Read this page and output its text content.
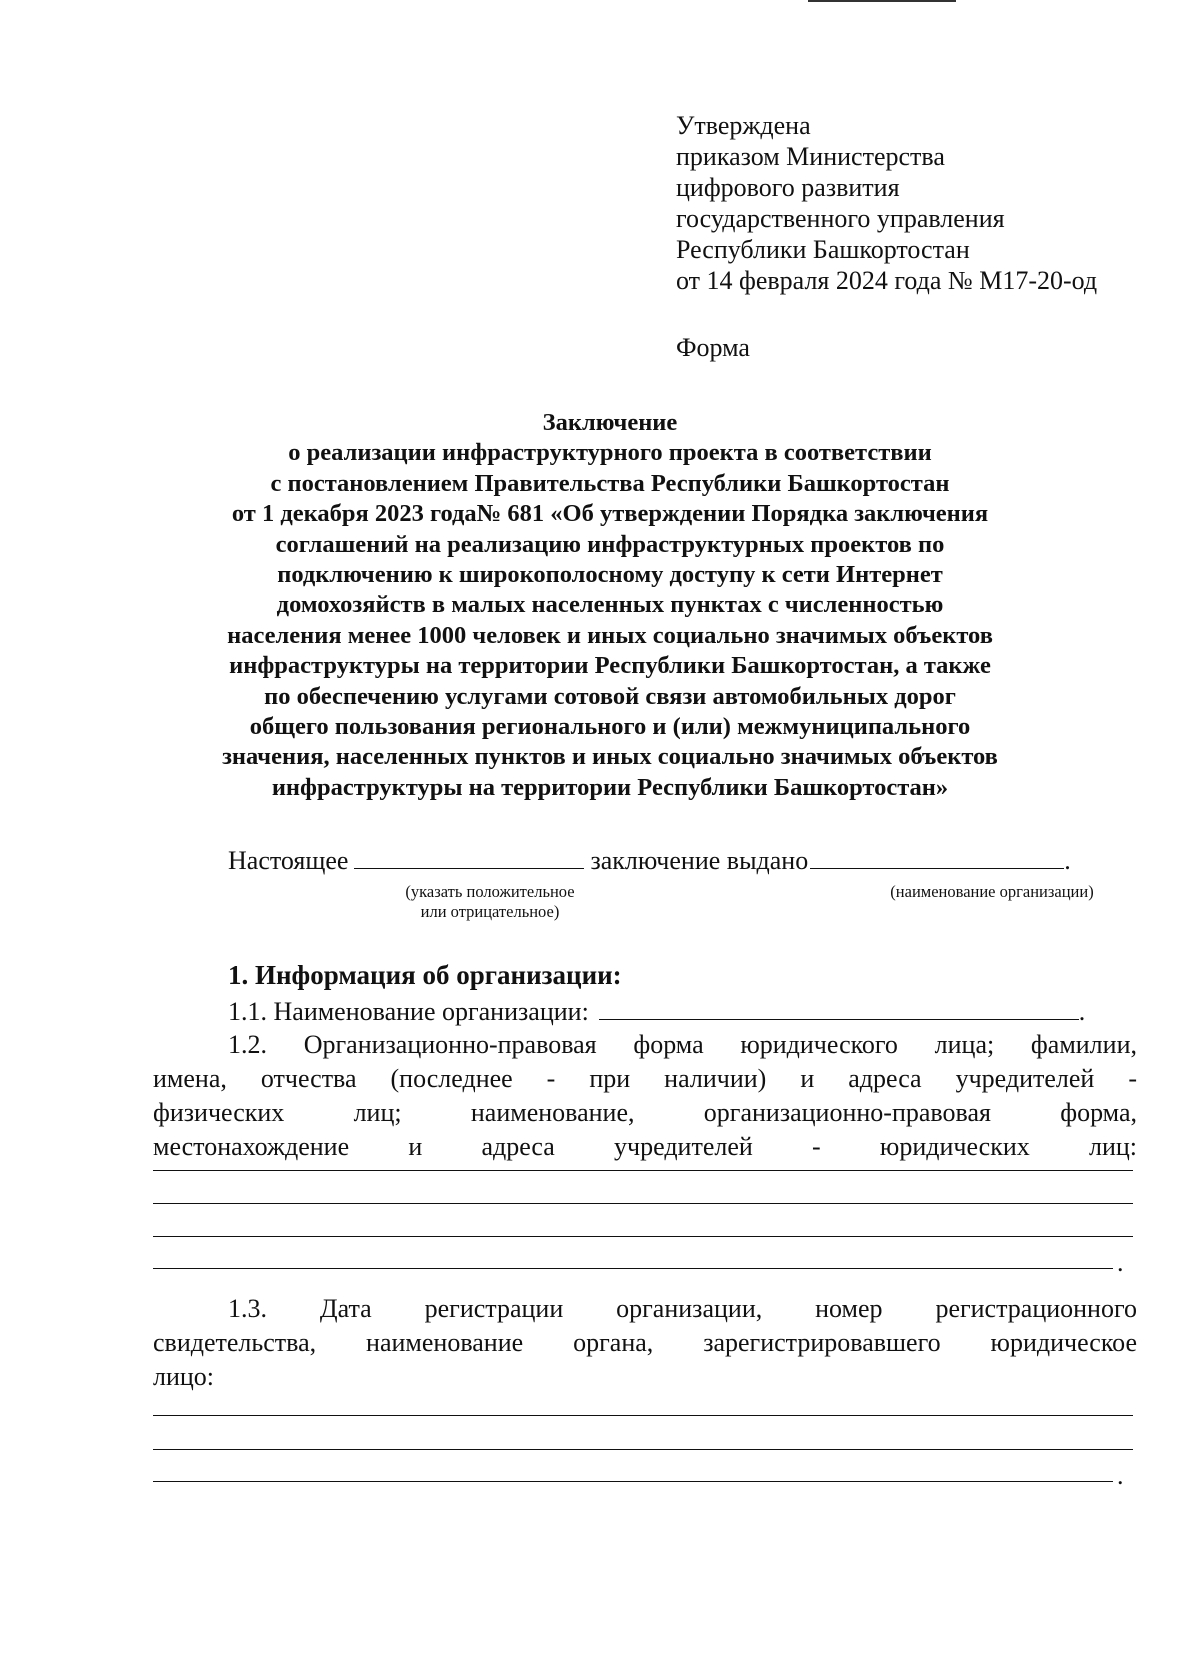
Утверждена
приказом Министерства
цифрового развития
государственного управления
Республики Башкортостан
от 14 февраля 2024 года № М17-20-од
Форма
Заключение
о реализации инфраструктурного проекта в соответствии
с постановлением Правительства Республики Башкортостан
от 1 декабря 2023 года№ 681 «Об утверждении Порядка заключения
соглашений на реализацию инфраструктурных проектов по
подключению к широкополосному доступу к сети Интернет
домохозяйств в малых населенных пунктах с численностью
населения менее 1000 человек и иных социально значимых объектов
инфраструктуры на территории Республики Башкортостан, а также
по обеспечению услугами сотовой связи автомобильных дорог
общего пользования регионального и (или) межмуниципального
значения, населенных пунктов и иных социально значимых объектов
инфраструктуры на территории Республики Башкортостан»
Настоящее	заключение выдано	.
(указать положительное
или отрицательное)
(наименование организации)
1. Информация об организации:
1.1. Наименование организации:	.
1.2. Организационно-правовая форма юридического лица; фамилии,
имена, отчества (последнее - при наличии) и адреса учредителей -
физических лиц; наименование, организационно-правовая форма,
местонахождение и адреса учредителей - юридических лиц:
.
1.3. Дата регистрации организации, номер регистрационного
свидетельства, наименование органа, зарегистрировавшего юридическое
лицо:
.
